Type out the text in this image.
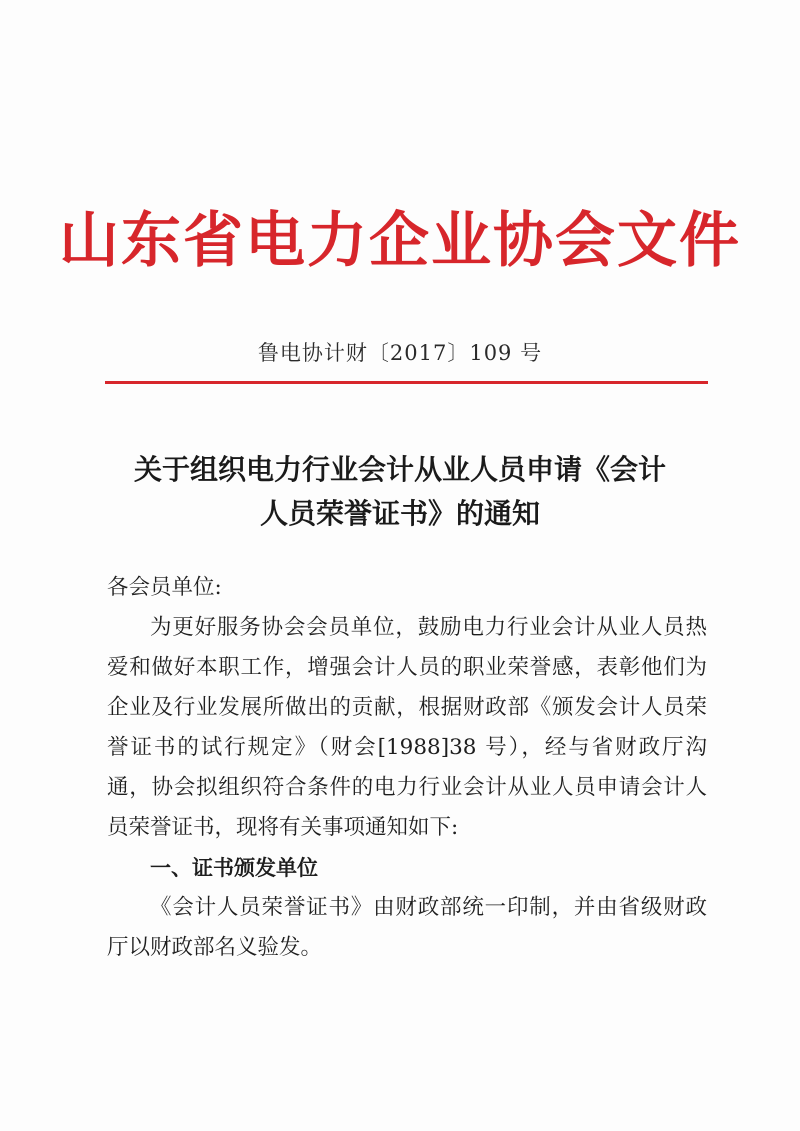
山东省电力企业协会文件
鲁电协计财〔2017〕109 号
关于组织电力行业会计从业人员申请《会计
人员荣誉证书》的通知

各会员单位:

为更好服务协会会员单位，鼓励电力行业会计从业人员热爱和做好本职工作，增强会计人员的职业荣誉感，表彰他们为企业及行业发展所做出的贡献，根据财政部《颁发会计人员荣誉证书的试行规定》（财会[1988]38 号），经与省财政厅沟通，协会拟组织符合条件的电力行业会计从业人员申请会计人员荣誉证书，现将有关事项通知如下:

一、证书颁发单位

《会计人员荣誉证书》由财政部统一印制，并由省级财政厅以财政部名义验发。
